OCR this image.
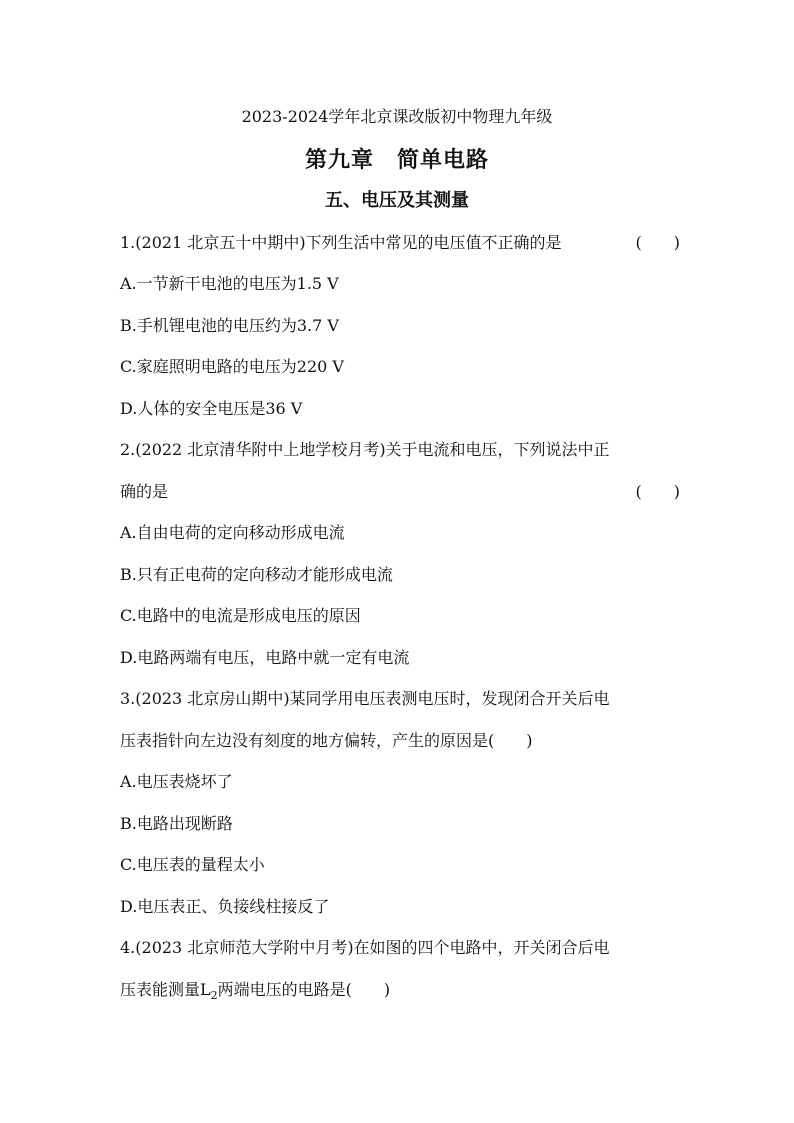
2023-2024学年北京课改版初中物理九年级
第九章　简单电路
五、电压及其测量
1.(2021 北京五十中期中)下列生活中常见的电压值不正确的是	(　　)
A.一节新干电池的电压为1.5 V
B.手机锂电池的电压约为3.7 V
C.家庭照明电路的电压为220 V
D.人体的安全电压是36 V
2.(2022 北京清华附中上地学校月考)关于电流和电压，下列说法中正
确的是	(　　)
A.自由电荷的定向移动形成电流
B.只有正电荷的定向移动才能形成电流
C.电路中的电流是形成电压的原因
D.电路两端有电压，电路中就一定有电流
3.(2023 北京房山期中)某同学用电压表测电压时，发现闭合开关后电
压表指针向左边没有刻度的地方偏转，产生的原因是(　　)
A.电压表烧坏了
B.电路出现断路
C.电压表的量程太小
D.电压表正、负接线柱接反了
4.(2023 北京师范大学附中月考)在如图的四个电路中，开关闭合后电
压表能测量$L_2$两端电压的电路是(　　)
